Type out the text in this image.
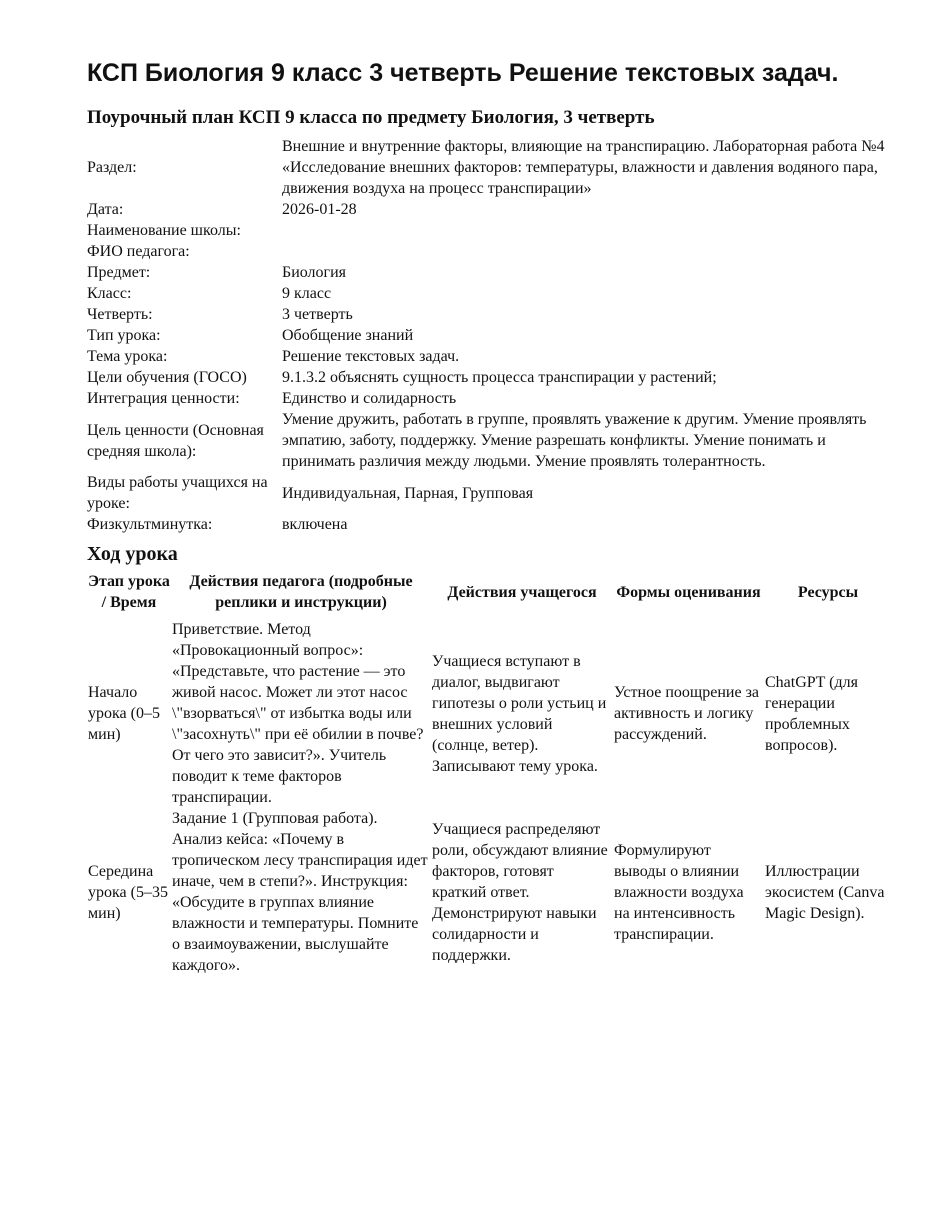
КСП Биология 9 класс 3 четверть Решение текстовых задач.
Поурочный план КСП 9 класса по предмету Биология, 3 четверть
Раздел:	Внешние и внутренние факторы, влияющие на транспирацию. Лабораторная работа №4 «Исследование внешних факторов: температуры, влажности и давления водяного пара, движения воздуха на процесс транспирации»
Дата:	2026-01-28
Наименование школы:	
ФИО педагога:	
Предмет:	Биология
Класс:	9 класс
Четверть:	3 четверть
Тип урока:	Обобщение знаний
Тема урока:	Решение текстовых задач.
Цели обучения (ГОСО)	9.1.3.2 объяснять сущность процесса транспирации у растений;
Интеграция ценности:	Единство и солидарность
Цель ценности (Основная средняя школа):	Умение дружить, работать в группе, проявлять уважение к другим. Умение проявлять эмпатию, заботу, поддержку. Умение разрешать конфликты. Умение понимать и принимать различия между людьми. Умение проявлять толерантность.
Виды работы учащихся на уроке:	Индивидуальная, Парная, Групповая
Физкультминутка:	включена
Ход урока
Этап урока / Время	Действия педагога (подробные реплики и инструкции)	Действия учащегося	Формы оценивания	Ресурсы
Начало урока (0–5 мин)	Приветствие. Метод «Провокационный вопрос»: «Представьте, что растение — это живой насос. Может ли этот насос \"взорваться\" от избытка воды или \"засохнуть\" при её обилии в почве? От чего это зависит?». Учитель поводит к теме факторов транспирации.	Учащиеся вступают в диалог, выдвигают гипотезы о роли устьиц и внешних условий (солнце, ветер). Записывают тему урока.	Устное поощрение за активность и логику рассуждений.	ChatGPT (для генерации проблемных вопросов).
Середина урока (5–35 мин)	Задание 1 (Групповая работа). Анализ кейса: «Почему в тропическом лесу транспирация идет иначе, чем в степи?». Инструкция: «Обсудите в группах влияние влажности и температуры. Помните о взаимоуважении, выслушайте каждого».	Учащиеся распределяют роли, обсуждают влияние факторов, готовят краткий ответ. Демонстрируют навыки солидарности и поддержки.	Формулируют выводы о влиянии влажности воздуха на интенсивность транспирации.	Иллюстрации экосистем (Canva Magic Design).
